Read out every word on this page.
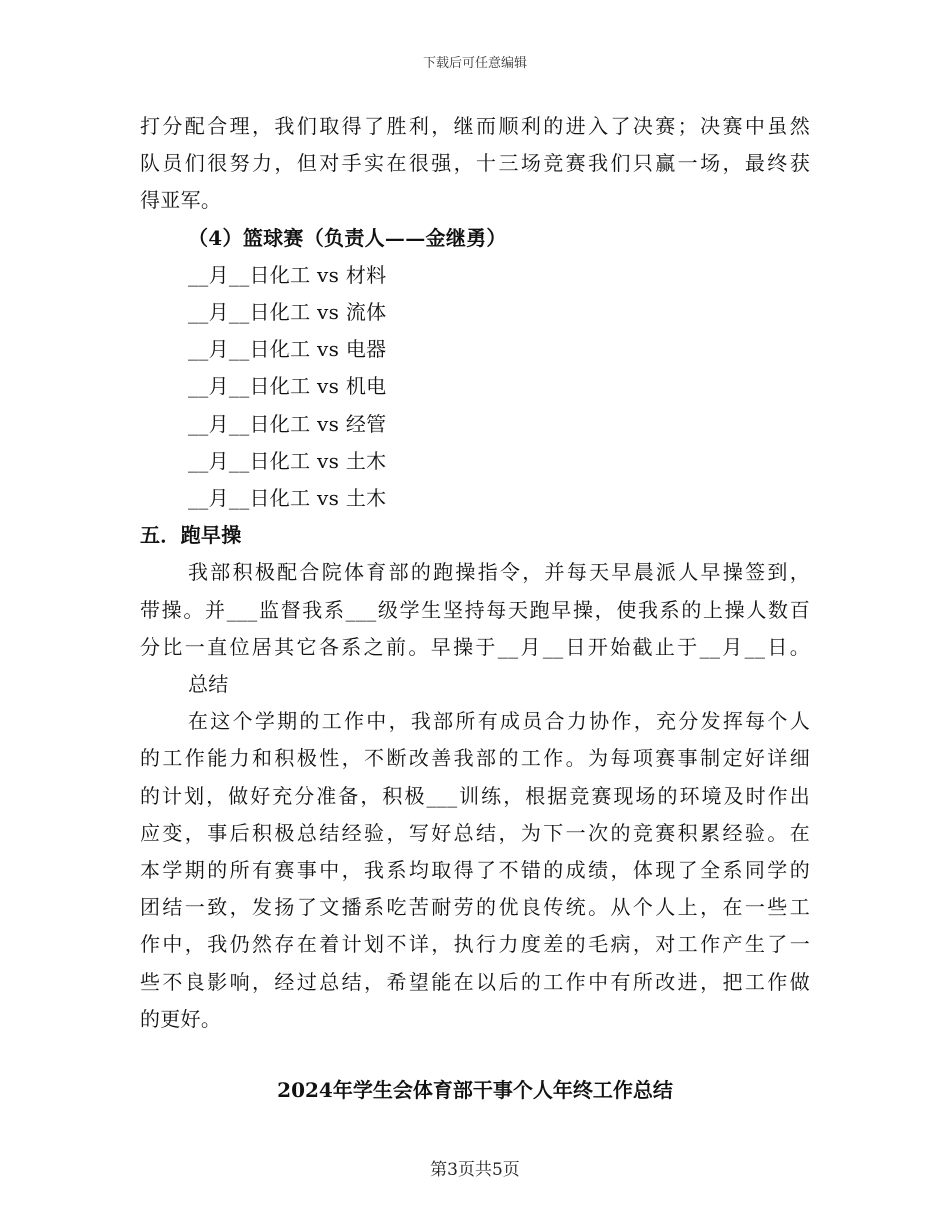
下载后可任意编辑
打分配合理，我们取得了胜利，继而顺利的进入了决赛；决赛中虽然
队员们很努力，但对手实在很强，十三场竞赛我们只赢一场，最终获
得亚军。
（4）篮球赛（负责人——金继勇）
__月__日化工 vs 材料
__月__日化工 vs 流体
__月__日化工 vs 电器
__月__日化工 vs 机电
__月__日化工 vs 经管
__月__日化工 vs 土木
__月__日化工 vs 土木
五．跑早操
我部积极配合院体育部的跑操指令，并每天早晨派人早操签到，
带操。并___监督我系___级学生坚持每天跑早操，使我系的上操人数百
分比一直位居其它各系之前。早操于__月__日开始截止于__月__日。
总结
在这个学期的工作中，我部所有成员合力协作，充分发挥每个人
的工作能力和积极性，不断改善我部的工作。为每项赛事制定好详细
的计划，做好充分准备，积极___训练，根据竞赛现场的环境及时作出
应变，事后积极总结经验，写好总结，为下一次的竞赛积累经验。在
本学期的所有赛事中，我系均取得了不错的成绩，体现了全系同学的
团结一致，发扬了文播系吃苦耐劳的优良传统。从个人上，在一些工
作中，我仍然存在着计划不详，执行力度差的毛病，对工作产生了一
些不良影响，经过总结，希望能在以后的工作中有所改进，把工作做
的更好。
2024年学生会体育部干事个人年终工作总结
第3页共5页
